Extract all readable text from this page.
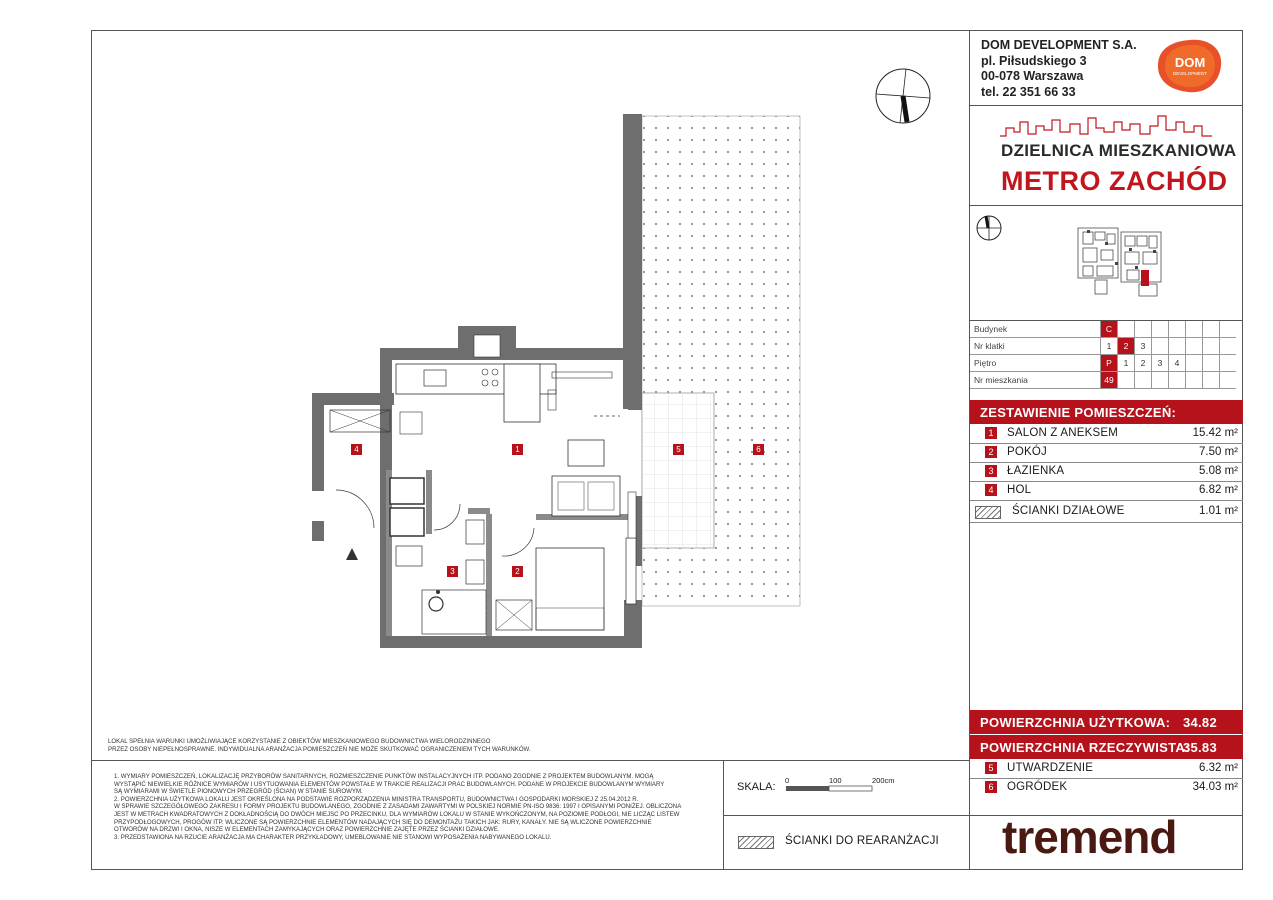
DOM DEVELOPMENT S.A.
pl. Piłsudskiego 3
00-078 Warszawa
tel. 22 351 66 33
DOM
DEVELOPMENT
DZIELNICA MIESZKANIOWA
METRO ZACHÓD
Budynek	C							
Nr klatki	1	2	3					
Piętro	P	1	2	3	4			
Nr mieszkania	49							
ZESTAWIENIE POMIESZCZEŃ:
1	SALON Z ANEKSEM	15.42 m²
2	POKÓJ	7.50 m²
3	ŁAZIENKA	5.08 m²
4	HOL	6.82 m²
ŚCIANKI DZIAŁOWE	1.01 m²
POWIERZCHNIA UŻYTKOWA: 34.82
POWIERZCHNIA RZECZYWISTA:
35.83
5	UTWARDZENIE	6.32 m²
6	OGRÓDEK	34.03 m²
tremend
SKALA:
0	100	200cm
ŚCIANKI DO REARANŻACJI
LOKAL SPEŁNIA WARUNKI UMOŻLIWIAJĄCE KORZYSTANIE Z OBIEKTÓW MIESZKANIOWEGO BUDOWNICTWA WIELORODZINNEGO
PRZEZ OSOBY NIEPEŁNOSPRAWNE. INDYWIDUALNA ARANŻACJA POMIESZCZEŃ NIE MOŻE SKUTKOWAĆ OGRANICZENIEM TYCH WARUNKÓW.
1. WYMIARY POMIESZCZEŃ, LOKALIZACJĘ PRZYBORÓW SANITARNYCH, ROZMIESZCZENIE PUNKTÓW INSTALACYJNYCH ITP. PODANO ZGODNIE Z PROJEKTEM BUDOWLANYM. MOGĄ
WYSTĄPIĆ NIEWIELKIE RÓŻNICE WYMIARÓW I USYTUOWANIA ELEMENTÓW POWSTAŁE W TRAKCIE REALIZACJI PRAC BUDOWLANYCH. PODANE W PROJEKCIE BUDOWLANYM WYMIARY
SĄ WYMIARAMI W ŚWIETLE PIONOWYCH PRZEGRÓD (ŚCIAN) W STANIE SUROWYM.
2. POWIERZCHNIA UŻYTKOWA LOKALU JEST OKREŚLONA NA PODSTAWIE ROZPORZĄDZENIA MINISTRA TRANSPORTU, BUDOWNICTWA I GOSPODARKI MORSKIEJ Z 25.04.2012 R.
W SPRAWIE SZCZEGÓŁOWEGO ZAKRESU I FORMY PROJEKTU BUDOWLANEGO, ZGODNIE Z ZASADAMI ZAWARTYMI W POLSKIEJ NORMIE PN-ISO 9836: 1997 I OPISANYMI PONIŻEJ. OBLICZONA
JEST W METRACH KWADRATOWYCH Z DOKŁADNOŚCIĄ DO DWÓCH MIEJSC PO PRZECINKU, DLA WYMIARÓW LOKALU W STANIE WYKOŃCZONYM, NA POZIOMIE PODŁOGI, NIE LICZĄC LISTEW
PRZYPODŁOGOWYCH, PROGÓW ITP. WLICZONE SĄ POWIERZCHNIE ELEMENTÓW NADAJĄCYCH SIĘ DO DEMONTAŻU TAKICH JAK: RURY, KANAŁY. NIE SĄ WLICZONE POWIERZCHNIE
OTWORÓW NA DRZWI I OKNA, NISZE W ELEMENTACH ZAMYKAJĄCYCH ORAZ POWIERZCHNIE ZAJĘTE PRZEZ ŚCIANKI DZIAŁOWE.
3. PRZEDSTAWIONA NA RZUCIE ARANŻACJA MA CHARAKTER PRZYKŁADOWY, UMEBLOWANIE NIE STANOWI WYPOSAŻENIA NABYWANEGO LOKALU.
1
2
3
4	5	6
